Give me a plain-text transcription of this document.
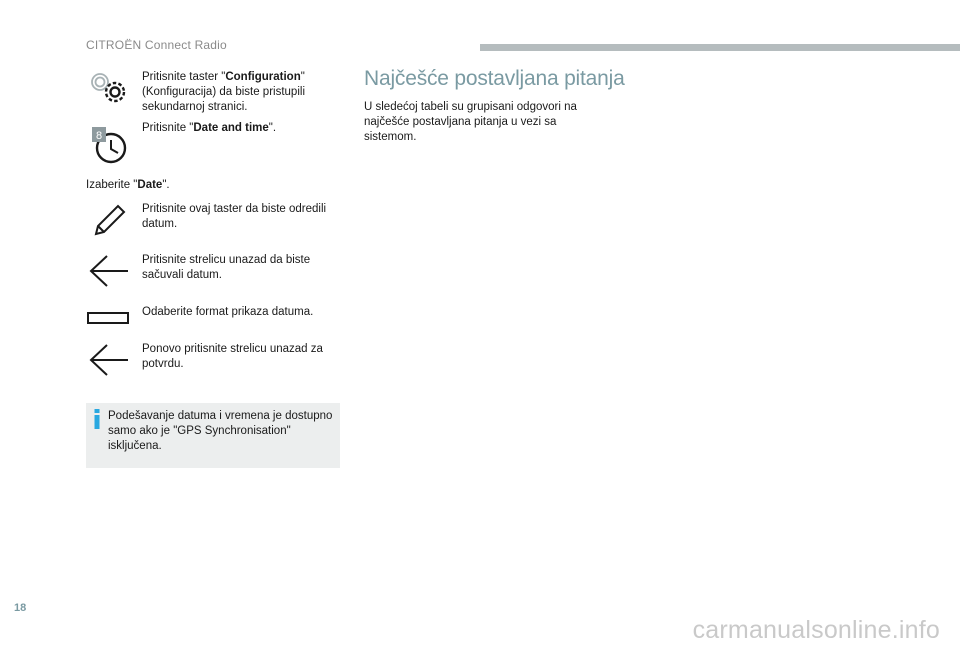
CITROËN Connect Radio
Pritisnite taster "Configuration" (Konfiguracija) da biste pristupili sekundarnoj stranici.
8
Pritisnite "Date and time".
Izaberite "Date".
Pritisnite ovaj taster da biste odredili datum.
Pritisnite strelicu unazad da biste sačuvali datum.
Odaberite format prikaza datuma.
Ponovo pritisnite strelicu unazad za potvrdu.
Podešavanje datuma i vremena je dostupno samo ako je "GPS Synchronisation" isključena.
Najčešće postavljana pitanja
U sledećoj tabeli su grupisani odgovori na najčešće postavljana pitanja u vezi sa sistemom.
18
carmanualsonline.info
